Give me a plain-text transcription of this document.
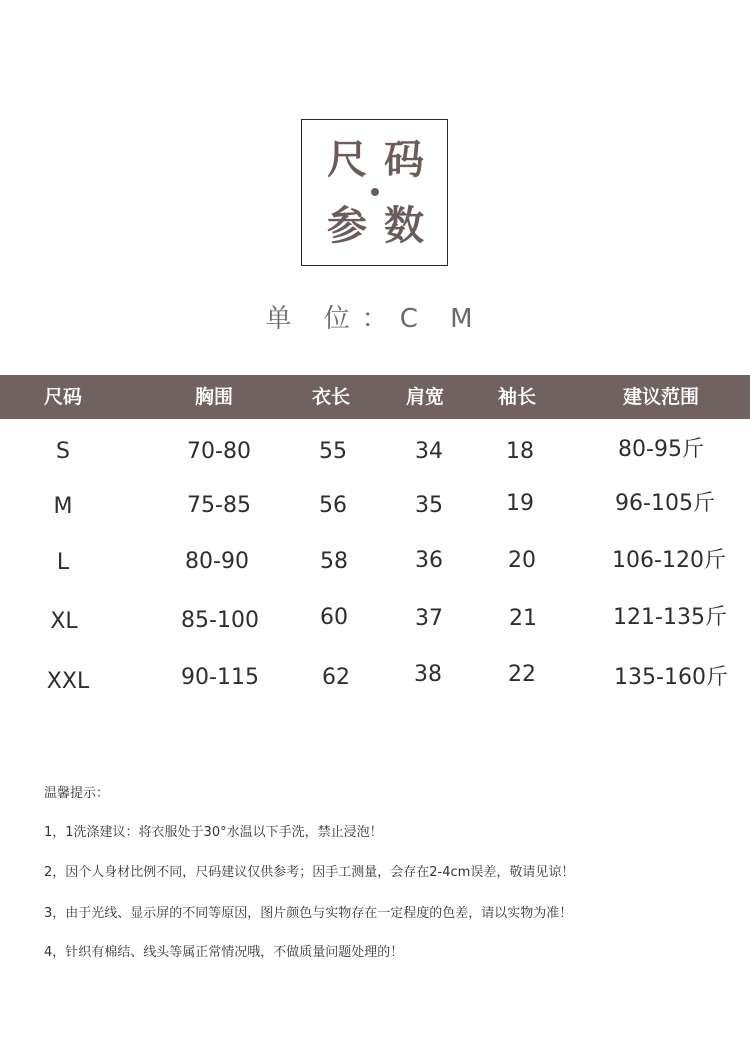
尺 码
参 数
单 位：C M
尺码	胸围	衣长	肩宽	袖长	建议范围
S	70-80	55	34	18	80-95斤
M	75-85	56	35	19	96-105斤
L	80-90	58	36	20	106-120斤
XL	85-100	60	37	21	121-135斤
XXL	90-115	62	38	22	135-160斤
温馨提示：
1，1洗涤建议：将衣服处于30°水温以下手洗，禁止浸泡！
2，因个人身材比例不同，尺码建议仅供参考；因手工测量，会存在2-4cm误差，敬请见谅！
3，由于光线、显示屏的不同等原因，图片颜色与实物存在一定程度的色差，请以实物为准！
4，针织有棉结、线头等属正常情况哦，不做质量问题处理的！
